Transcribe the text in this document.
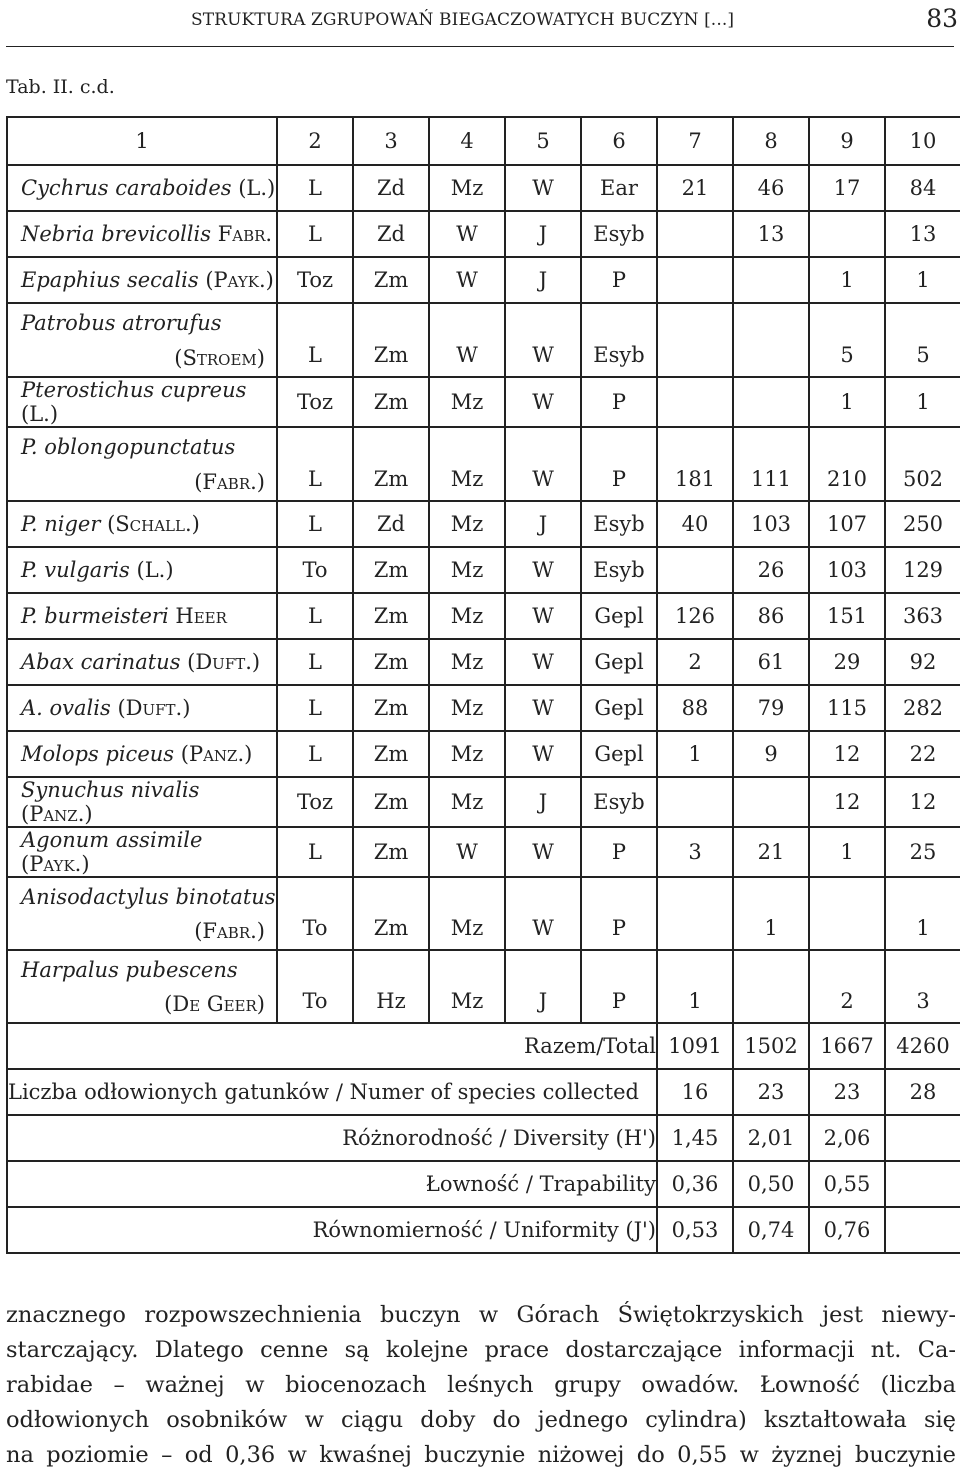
STRUKTURA ZGRUPOWAŃ BIEGACZOWATYCH BUCZYN [...]	83
Tab. II. c.d.
1	2	3	4	5	6	7	8	9	10
Cychrus caraboides (L.)	L	Zd	Mz	W	Ear	21	46	17	84
Nebria brevicollis Fabr.	L	Zd	W	J	Esyb		13		13
Epaphius secalis (Payk.)	Toz	Zm	W	J	P			1	1

Patrobus atrorufus
(Stroem)	L	Zm	W	W	Esyb			5	5
Pterostichus cupreus (L.)	Toz	Zm	Mz	W	P			1	1

P. oblongopunctatus
(Fabr.)	L	Zm	Mz	W	P	181	111	210	502
P. niger (Schall.)	L	Zd	Mz	J	Esyb	40	103	107	250
P. vulgaris (L.)	To	Zm	Mz	W	Esyb		26	103	129
P. burmeisteri Heer	L	Zm	Mz	W	Gepl	126	86	151	363
Abax carinatus (Duft.)	L	Zm	Mz	W	Gepl	2	61	29	92
A. ovalis (Duft.)	L	Zm	Mz	W	Gepl	88	79	115	282
Molops piceus (Panz.)	L	Zm	Mz	W	Gepl	1	9	12	22
Synuchus nivalis (Panz.)	Toz	Zm	Mz	J	Esyb			12	12
Agonum assimile (Payk.)	L	Zm	W	W	P	3	21	1	25

Anisodactylus binotatus
(Fabr.)	To	Zm	Mz	W	P		1		1

Harpalus pubescens
(De Geer)	To	Hz	Mz	J	P	1		2	3
Razem/Total						1091	1502	1667	4260
Liczba odłowionych gatunków / Numer of species collected						16	23	23	28
Różnorodność / Diversity (H')						1,45	2,01	2,06	
Łowność / Trapability						0,36	0,50	0,55	
Równomierność / Uniformity (J')						0,53	0,74	0,76	

znacznego rozpowszechnienia buczyn w Górach Świętokrzyskich jest niewy-

starczający. Dlatego cenne są kolejne prace dostarczające informacji nt. Ca-

rabidae – ważnej w biocenozach leśnych grupy owadów. Łowność (liczba

odłowionych osobników w ciągu doby do jednego cylindra) kształtowała się

na poziomie – od 0,36 w kwaśnej buczynie niżowej do 0,55 w żyznej buczynie
